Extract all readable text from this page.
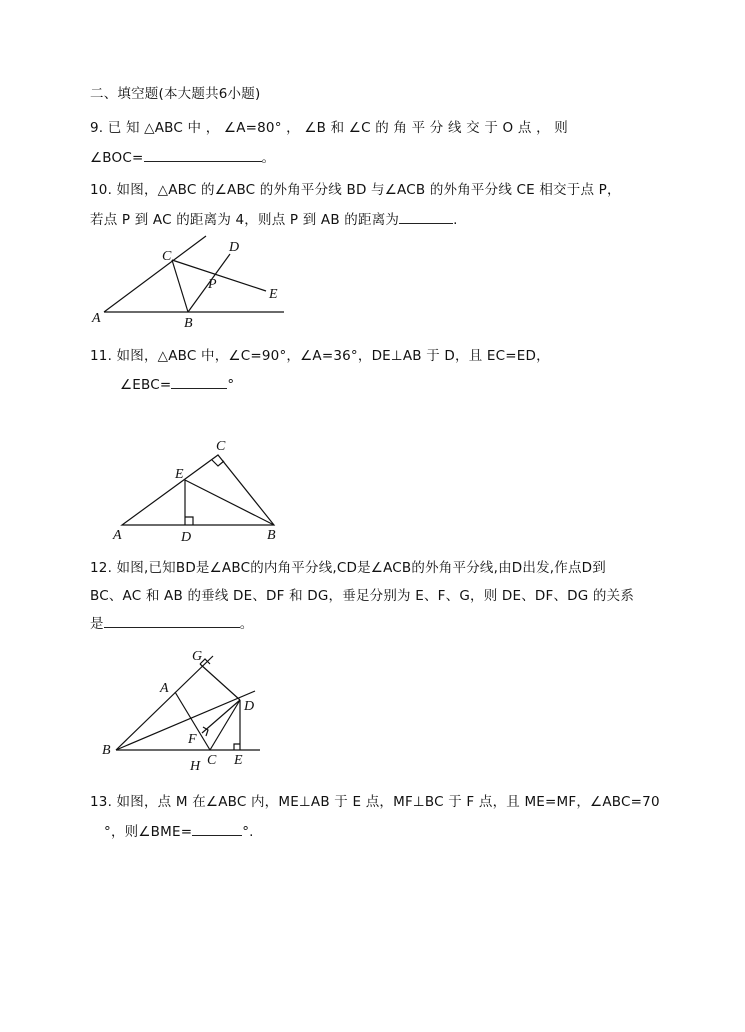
二、填空题(本大题共6小题)
9. 已 知 △ABC 中 ， ∠A=80° ， ∠B 和 ∠C 的 角 平 分 线 交 于 O 点 ， 则
∠BOC=	。
10. 如图，△ABC 的∠ABC 的外角平分线 BD 与∠ACB 的外角平分线 CE 相交于点 P，
若点 P 到 AC 的距离为 4，则点 P 到 AB 的距离为	.
A	B
C
D
E
P
11. 如图，△ABC 中，∠C=90°，∠A=36°，DE⊥AB 于 D，且 EC=ED，
∠EBC=	°
A	B
C
D
E
12. 如图,已知BD是∠ABC的内角平分线,CD是∠ACB的外角平分线,由D出发,作点D到
BC、AC 和 AB 的垂线 DE、DF 和 DG，垂足分别为 E、F、G，则 DE、DF、DG 的关系
是	。
G
A
D
F
B
H C E
13. 如图，点 M 在∠ABC 内，ME⊥AB 于 E 点，MF⊥BC 于 F 点，且 ME=MF，∠ABC=70
°，则∠BME=	°.
